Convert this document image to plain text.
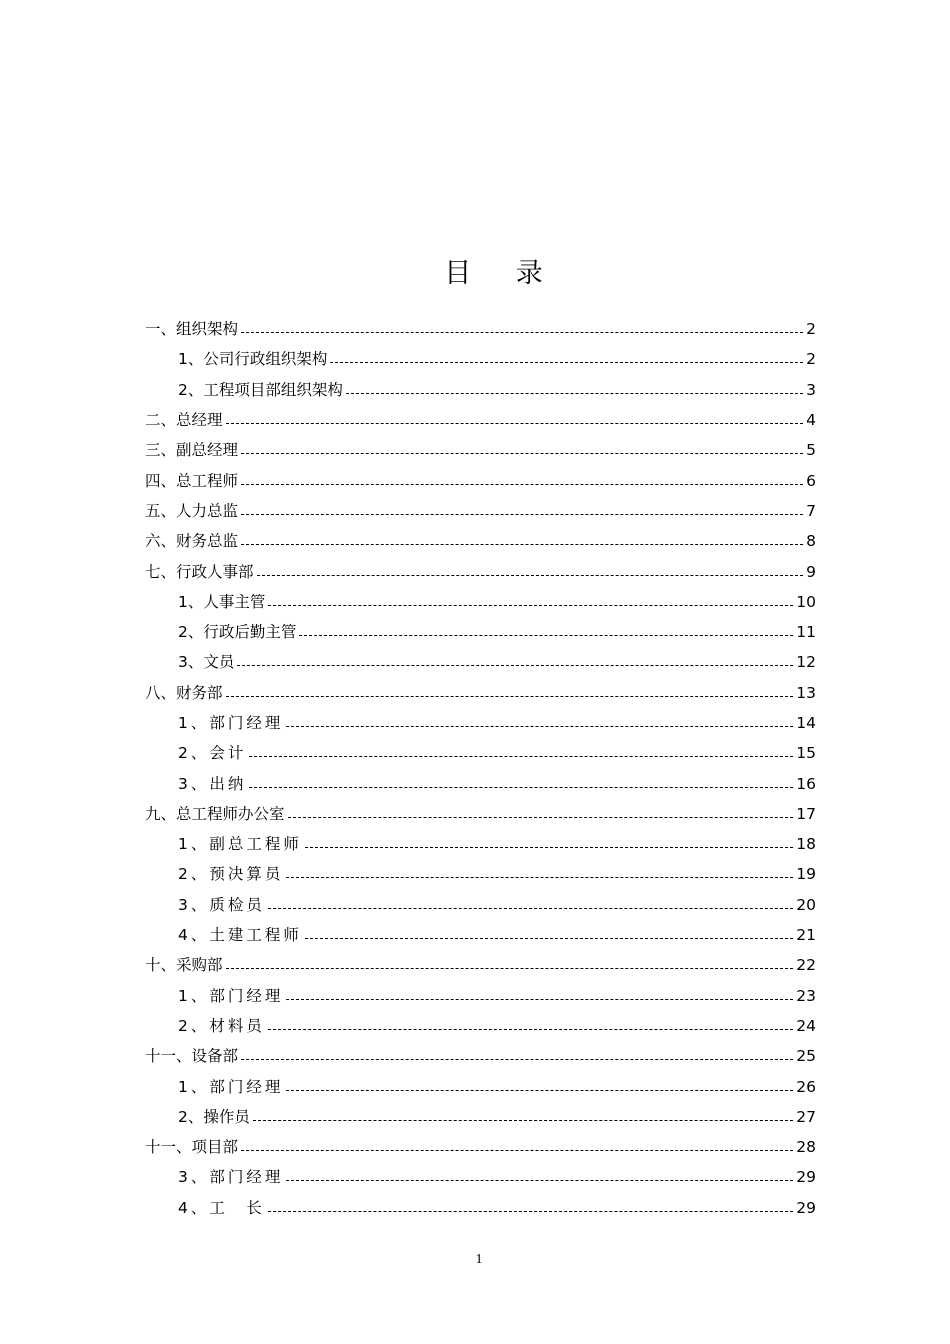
目 录
一、组织架构	2
1、公司行政组织架构	2
2、工程项目部组织架构	3
二、总经理	4
三、副总经理	5
四、总工程师	6
五、人力总监	7
六、财务总监	8
七、行政人事部	9
1、人事主管	10
2、行政后勤主管	11
3、文员	12
八、财务部	13
1、部门经理	14
2、会计	15
3、出纳	16
九、总工程师办公室	17
1、副总工程师	18
2、预决算员	19
3、质检员	20
4、土建工程师	21
十、采购部	22
1、部门经理	23
2、材料员	24
十一、设备部	25
1、部门经理	26
2、操作员	27
十一、项目部	28
3、部门经理	29
4、工　长	29
1
